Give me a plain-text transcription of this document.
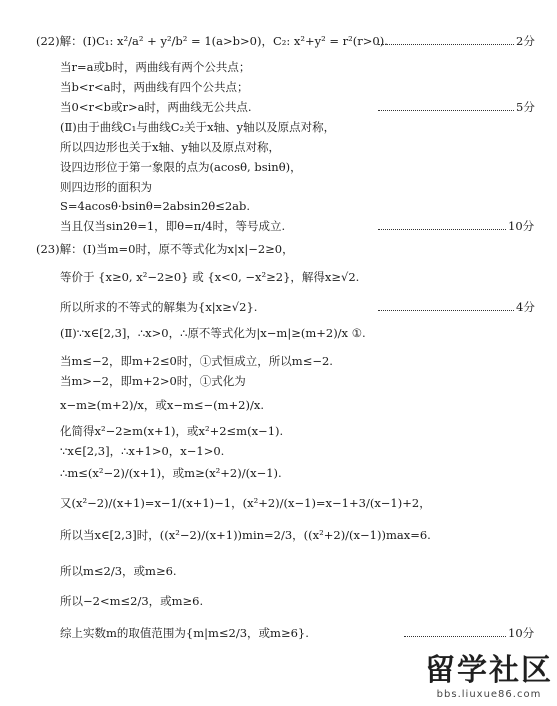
(22)解：(Ⅰ)C₁: x²/a² + y²/b² = 1(a>b>0)，C₂: x²+y² = r²(r>0).	2分
当r=a或b时，两曲线有两个公共点；
当b<r<a时，两曲线有四个公共点；
当0<r<b或r>a时，两曲线无公共点.	5分
(Ⅱ)由于曲线C₁与曲线C₂关于x轴、y轴以及原点对称，
所以四边形也关于x轴、y轴以及原点对称，
设四边形位于第一象限的点为(acosθ, bsinθ)，
则四边形的面积为
S=4acosθ·bsinθ=2absin2θ≤2ab.
当且仅当sin2θ=1，即θ=π/4时，等号成立.	10分
(23)解：(Ⅰ)当m=0时，原不等式化为x|x|−2≥0，
等价于 {x≥0, x²−2≥0} 或 {x<0, −x²≥2}，解得x≥√2.
所以所求的不等式的解集为{x|x≥√2}.	4分
(Ⅱ)∵x∈[2,3]，∴x>0，∴原不等式化为|x−m|≥(m+2)/x ①.
当m≤−2，即m+2≤0时，①式恒成立，所以m≤−2.
当m>−2，即m+2>0时，①式化为
x−m≥(m+2)/x，或x−m≤−(m+2)/x.
化简得x²−2≥m(x+1)，或x²+2≤m(x−1).
∵x∈[2,3]，∴x+1>0，x−1>0.
∴m≤(x²−2)/(x+1)，或m≥(x²+2)/(x−1).
又(x²−2)/(x+1)=x−1/(x+1)−1，(x²+2)/(x−1)=x−1+3/(x−1)+2，
所以当x∈[2,3]时，((x²−2)/(x+1))min=2/3，((x²+2)/(x−1))max=6.
所以m≤2/3，或m≥6.
所以−2<m≤2/3，或m≥6.
综上实数m的取值范围为{m|m≤2/3，或m≥6}.	10分
留学社区
bbs.liuxue86.com
